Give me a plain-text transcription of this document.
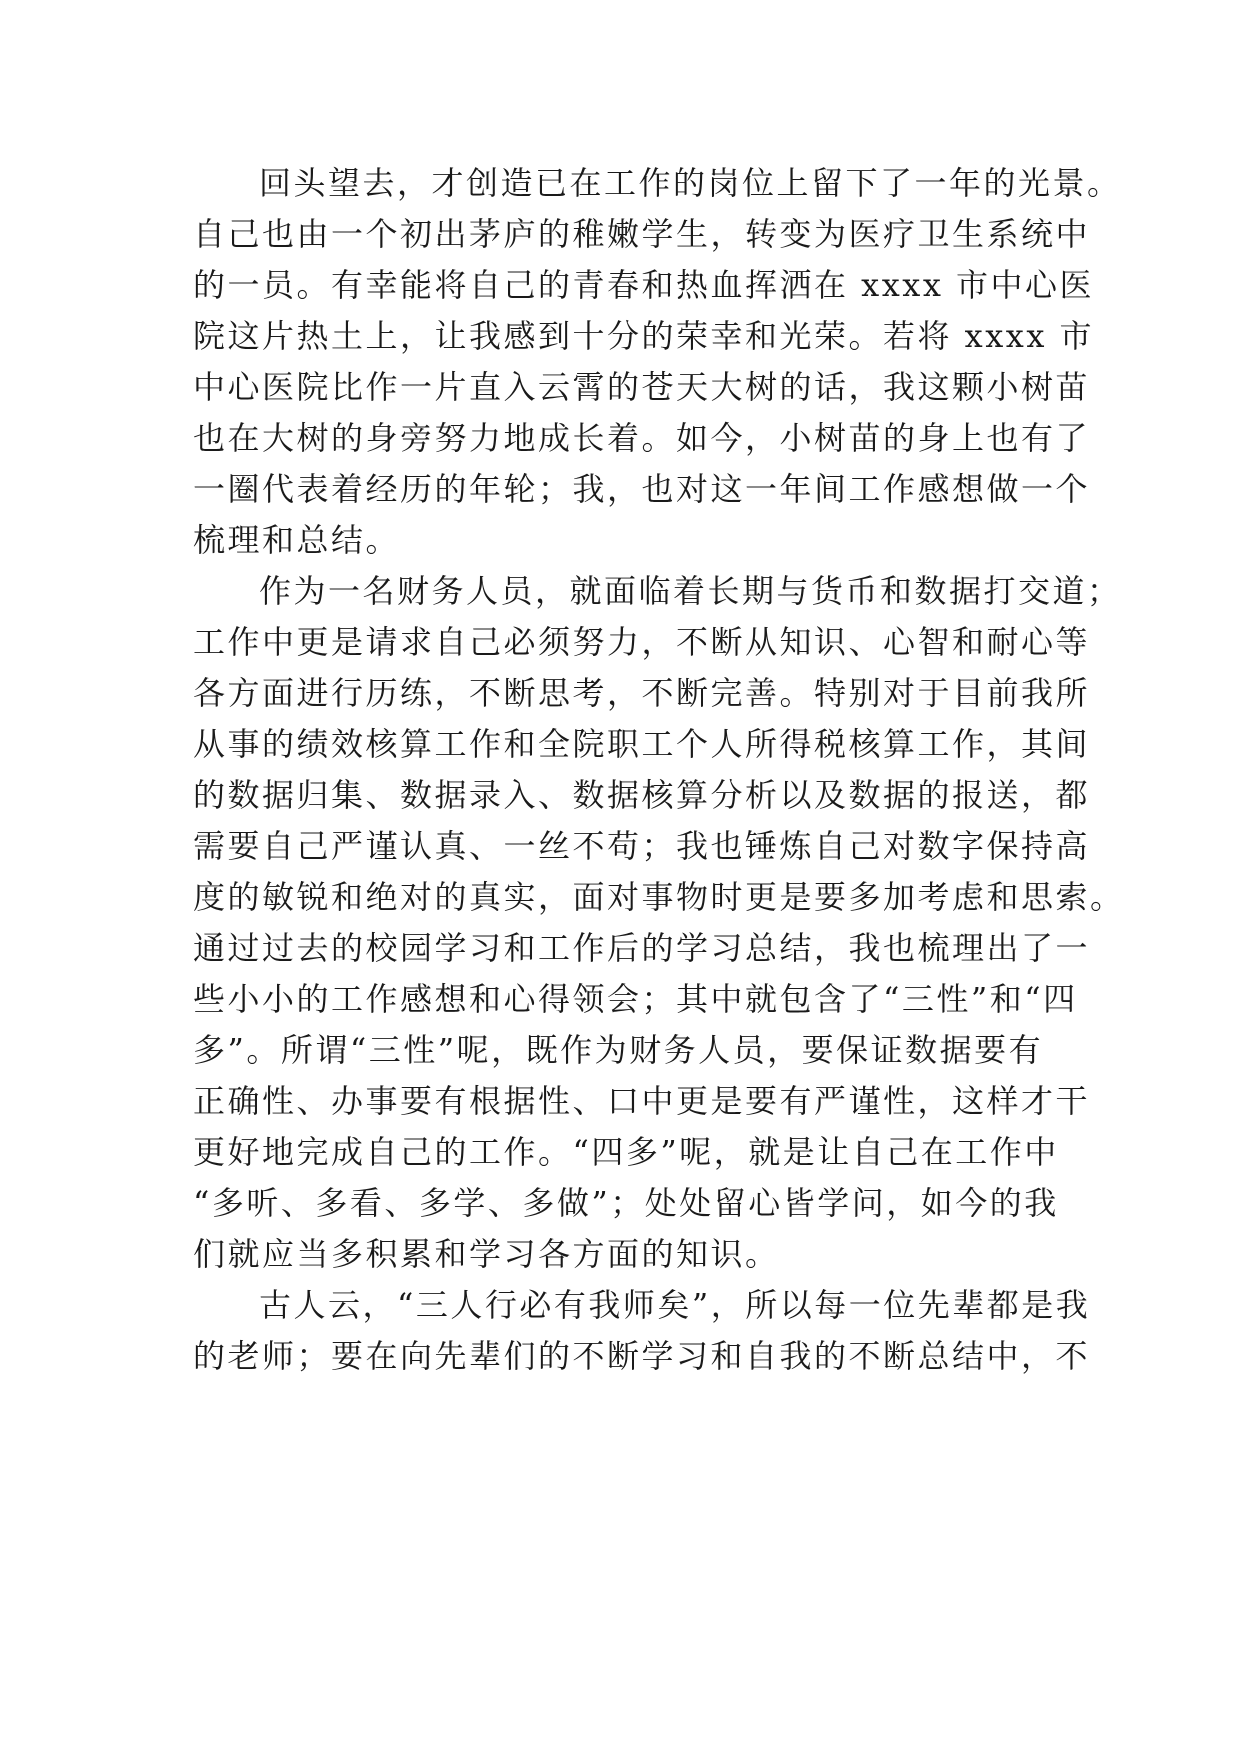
回头望去，才创造已在工作的岗位上留下了一年的光景。
自己也由一个初出茅庐的稚嫩学生，转变为医疗卫生系统中
的一员。有幸能将自己的青春和热血挥洒在 xxxx 市中心医
院这片热土上，让我感到十分的荣幸和光荣。若将 xxxx 市
中心医院比作一片直入云霄的苍天大树的话，我这颗小树苗
也在大树的身旁努力地成长着。如今，小树苗的身上也有了
一圈代表着经历的年轮；我，也对这一年间工作感想做一个
梳理和总结。
作为一名财务人员，就面临着长期与货币和数据打交道；
工作中更是请求自己必须努力，不断从知识、心智和耐心等
各方面进行历练，不断思考，不断完善。特别对于目前我所
从事的绩效核算工作和全院职工个人所得税核算工作，其间
的数据归集、数据录入、数据核算分析以及数据的报送，都
需要自己严谨认真、一丝不苟；我也锤炼自己对数字保持高
度的敏锐和绝对的真实，面对事物时更是要多加考虑和思索。
通过过去的校园学习和工作后的学习总结，我也梳理出了一
些小小的工作感想和心得领会；其中就包含了“三性”和“四
多”。所谓“三性”呢，既作为财务人员，要保证数据要有
正确性、办事要有根据性、口中更是要有严谨性，这样才干
更好地完成自己的工作。“四多”呢，就是让自己在工作中
“多听、多看、多学、多做”；处处留心皆学问，如今的我
们就应当多积累和学习各方面的知识。
古人云，“三人行必有我师矣”，所以每一位先辈都是我
的老师；要在向先辈们的不断学习和自我的不断总结中，不
